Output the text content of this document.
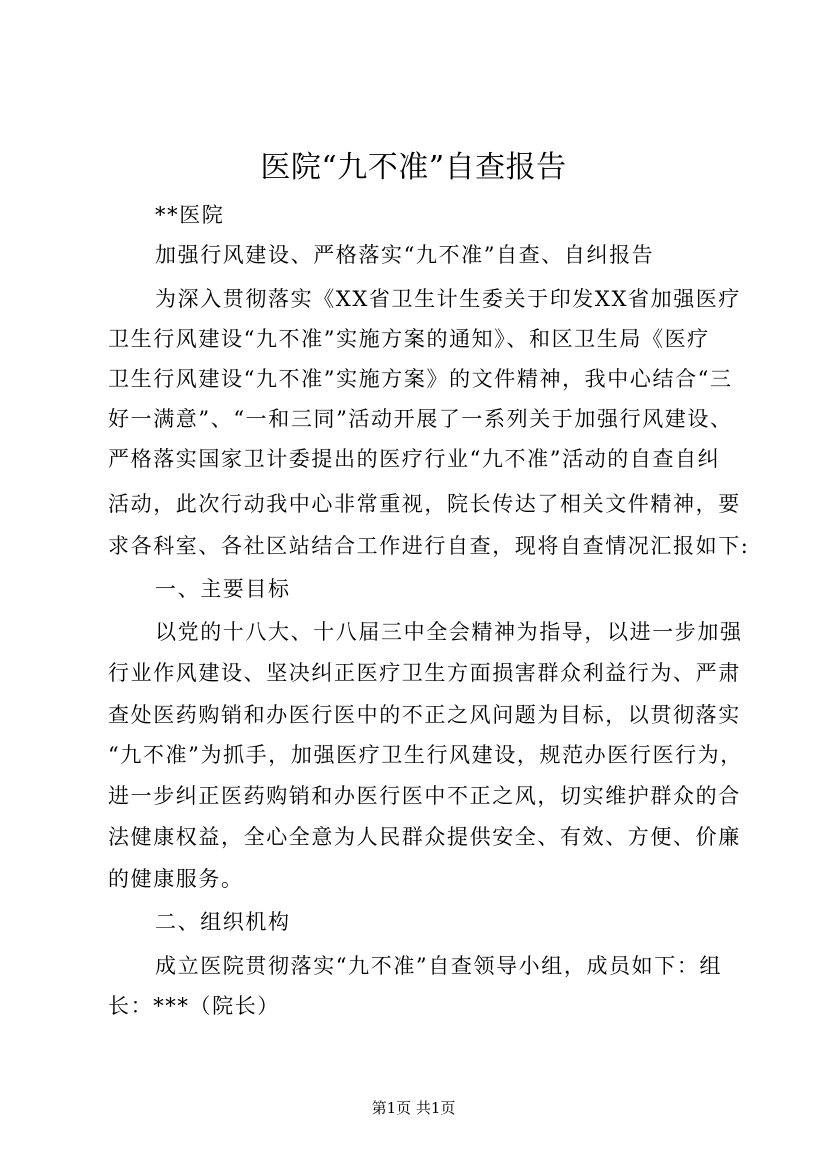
医院“九不准”自查报告
**医院
加强行风建设、严格落实“九不准”自查、自纠报告
为深入贯彻落实《XX省卫生计生委关于印发XX省加强医疗
卫生行风建设“九不准”实施方案的通知》、和区卫生局《医疗
卫生行风建设“九不准”实施方案》的文件精神，我中心结合“三
好一满意”、“一和三同”活动开展了一系列关于加强行风建设、
严格落实国家卫计委提出的医疗行业“九不准”活动的自查自纠
活动，此次行动我中心非常重视，院长传达了相关文件精神，要
求各科室、各社区站结合工作进行自查，现将自查情况汇报如下:
一、主要目标
以党的十八大、十八届三中全会精神为指导，以进一步加强
行业作风建设、坚决纠正医疗卫生方面损害群众利益行为、严肃
查处医药购销和办医行医中的不正之风问题为目标，以贯彻落实
“九不准”为抓手，加强医疗卫生行风建设，规范办医行医行为，
进一步纠正医药购销和办医行医中不正之风，切实维护群众的合
法健康权益，全心全意为人民群众提供安全、有效、方便、价廉
的健康服务。
二、组织机构
成立医院贯彻落实“九不准”自查领导小组，成员如下：组
长：***（院长）
第1页 共1页
